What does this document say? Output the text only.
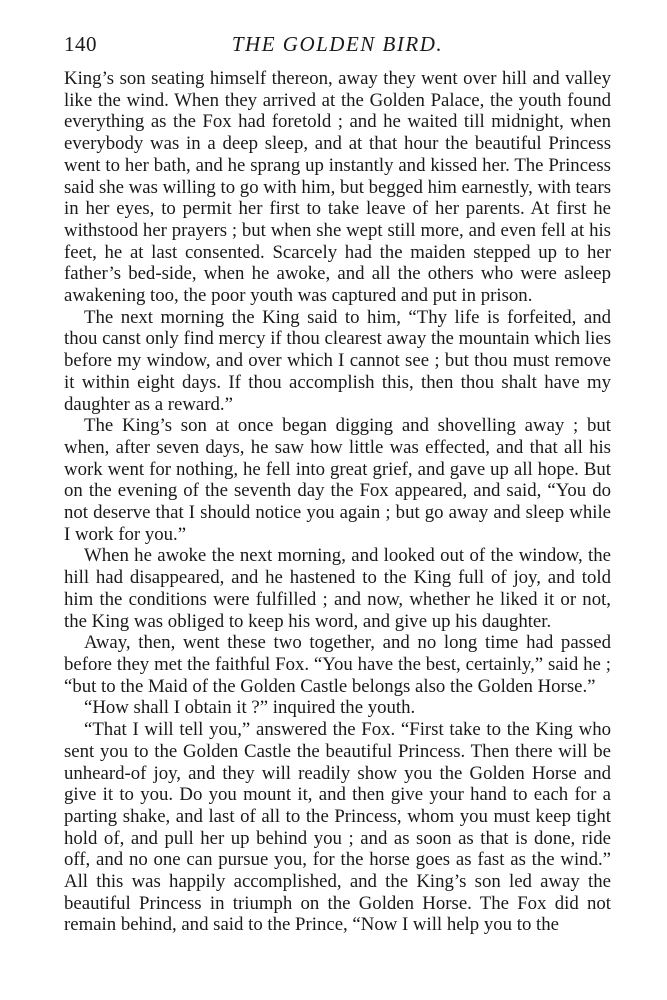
140	THE GOLDEN BIRD.

King’s son seating himself thereon, away they went over hill and valley like the wind. When they arrived at the Golden Palace, the youth found everything as the Fox had foretold ; and he waited till midnight, when everybody was in a deep sleep, and at that hour the beautiful Princess went to her bath, and he sprang up instantly and kissed her. The Princess said she was willing to go with him, but begged him earnestly, with tears in her eyes, to permit her first to take leave of her parents. At first he withstood her prayers ; but when she wept still more, and even fell at his feet, he at last consented. Scarcely had the maiden stepped up to her father’s bed-side, when he awoke, and all the others who were asleep awakening too, the poor youth was captured and put in prison.

The next morning the King said to him, “Thy life is forfeited, and thou canst only find mercy if thou clearest away the mountain which lies before my window, and over which I cannot see ; but thou must remove it within eight days. If thou accomplish this, then thou shalt have my daughter as a reward.”

The King’s son at once began digging and shovelling away ; but when, after seven days, he saw how little was effected, and that all his work went for nothing, he fell into great grief, and gave up all hope. But on the evening of the seventh day the Fox appeared, and said, “You do not deserve that I should notice you again ; but go away and sleep while I work for you.”

When he awoke the next morning, and looked out of the window, the hill had disappeared, and he hastened to the King full of joy, and told him the conditions were fulfilled ; and now, whether he liked it or not, the King was obliged to keep his word, and give up his daughter.

Away, then, went these two together, and no long time had passed before they met the faithful Fox. “You have the best, certainly,” said he ; “but to the Maid of the Golden Castle belongs also the Golden Horse.”

“How shall I obtain it ?” inquired the youth.

“That I will tell you,” answered the Fox. “First take to the King who sent you to the Golden Castle the beautiful Princess. Then there will be unheard-of joy, and they will readily show you the Golden Horse and give it to you. Do you mount it, and then give your hand to each for a parting shake, and last of all to the Princess, whom you must keep tight hold of, and pull her up behind you ; and as soon as that is done, ride off, and no one can pursue you, for the horse goes as fast as the wind.” All this was happily accomplished, and the King’s son led away the beautiful Princess in triumph on the Golden Horse. The Fox did not remain behind, and said to the Prince, “Now I will help you to the
